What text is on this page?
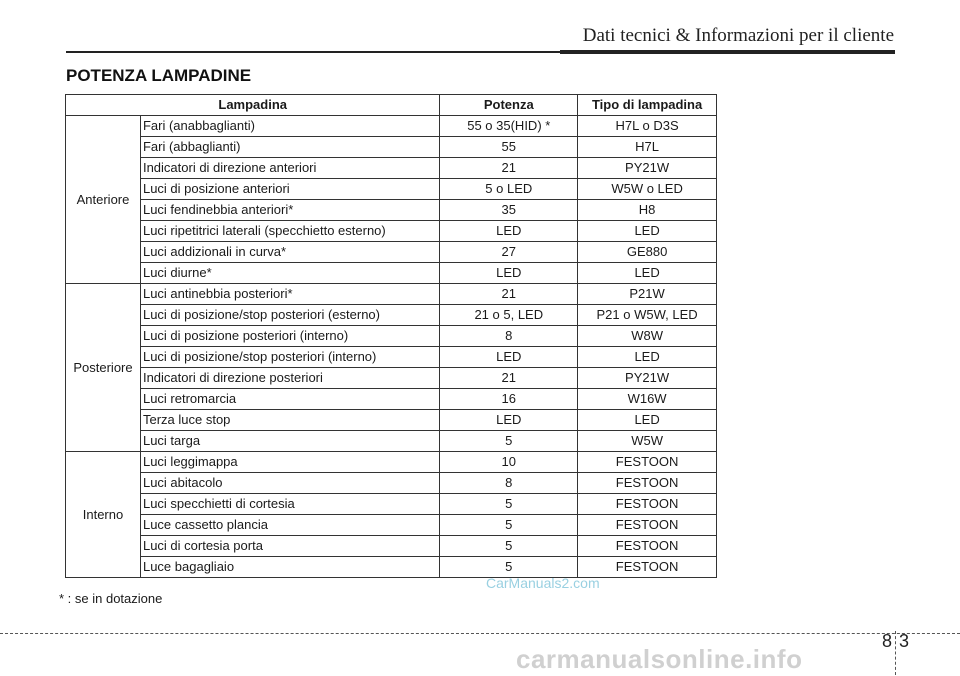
Dati tecnici & Informazioni per il cliente
POTENZA LAMPADINE
Lampadina		Potenza	Tipo di lampadina
Anteriore	Fari (anabbaglianti)	55 o 35(HID) *	H7L o D3S
	Fari (abbaglianti)	55	H7L
	Indicatori di direzione anteriori	21	PY21W
	Luci di posizione anteriori	5 o LED	W5W o LED
	Luci fendinebbia anteriori*	35	H8
	Luci ripetitrici laterali (specchietto esterno)	LED	LED
	Luci addizionali in curva*	27	GE880
	Luci diurne*	LED	LED
Posteriore	Luci antinebbia posteriori*	21	P21W
	Luci di posizione/stop posteriori (esterno)	21 o 5, LED	P21 o W5W, LED
	Luci di posizione posteriori (interno)	8	W8W
	Luci di posizione/stop posteriori (interno)	LED	LED
	Indicatori di direzione posteriori	21	PY21W
	Luci retromarcia	16	W16W
	Terza luce stop	LED	LED
	Luci targa	5	W5W
Interno	Luci leggimappa	10	FESTOON
	Luci abitacolo	8	FESTOON
	Luci specchietti di cortesia	5	FESTOON
	Luce cassetto plancia	5	FESTOON
	Luci di cortesia porta	5	FESTOON
	Luce bagagliaio	5	FESTOON
* : se in dotazione
CarManuals2.com
8 3
carmanualsonline.info
